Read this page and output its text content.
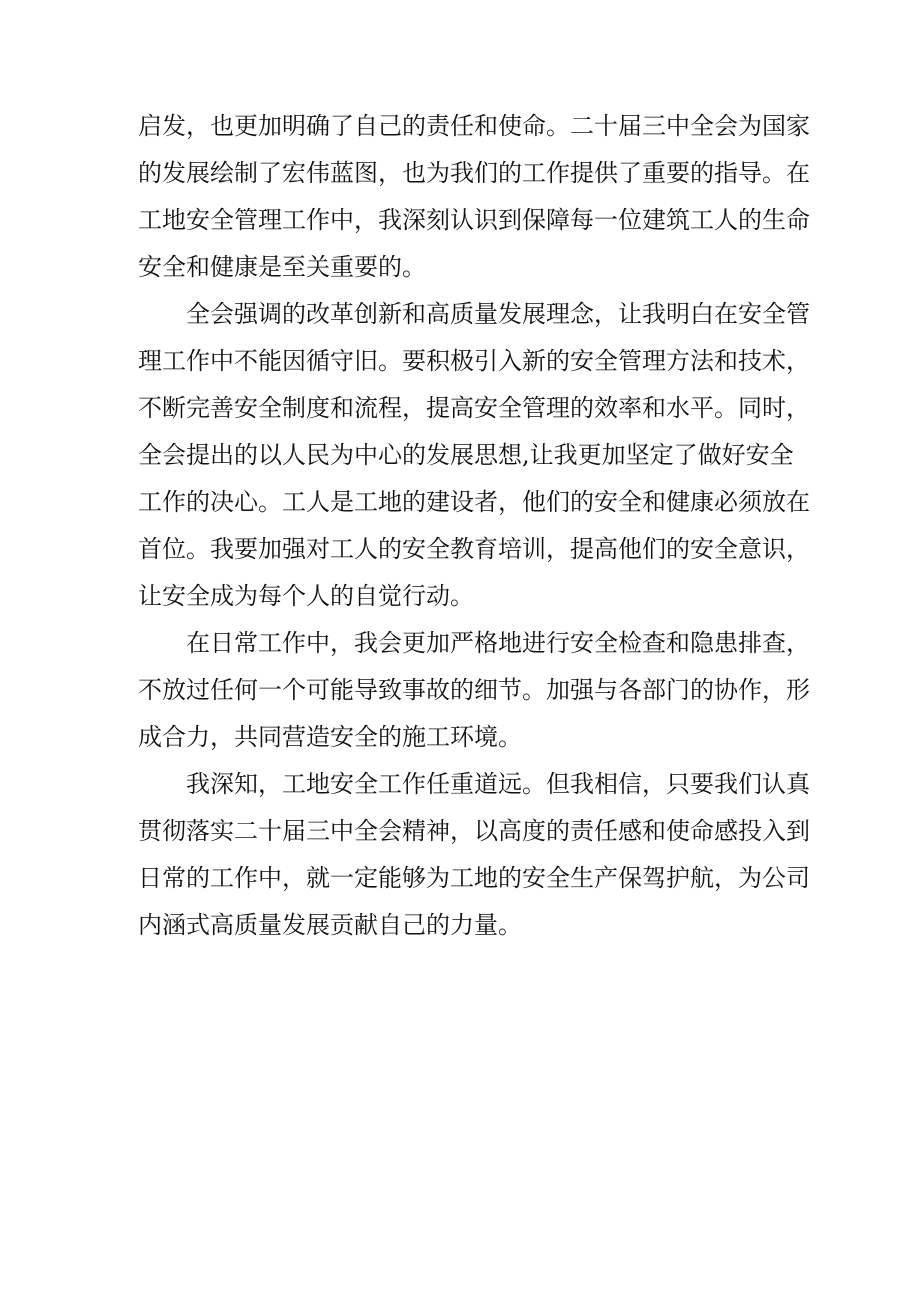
启发，也更加明确了自己的责任和使命。二十届三中全会为国家
的发展绘制了宏伟蓝图，也为我们的工作提供了重要的指导。在
工地安全管理工作中，我深刻认识到保障每一位建筑工人的生命
安全和健康是至关重要的。
全会强调的改革创新和高质量发展理念，让我明白在安全管
理工作中不能因循守旧。要积极引入新的安全管理方法和技术，
不断完善安全制度和流程，提高安全管理的效率和水平。同时，
全会提出的以人民为中心的发展思想,让我更加坚定了做好安全
工作的决心。工人是工地的建设者，他们的安全和健康必须放在
首位。我要加强对工人的安全教育培训，提高他们的安全意识，
让安全成为每个人的自觉行动。
在日常工作中，我会更加严格地进行安全检查和隐患排查，
不放过任何一个可能导致事故的细节。加强与各部门的协作，形
成合力，共同营造安全的施工环境。
我深知，工地安全工作任重道远。但我相信，只要我们认真
贯彻落实二十届三中全会精神，以高度的责任感和使命感投入到
日常的工作中，就一定能够为工地的安全生产保驾护航，为公司
内涵式高质量发展贡献自己的力量。
